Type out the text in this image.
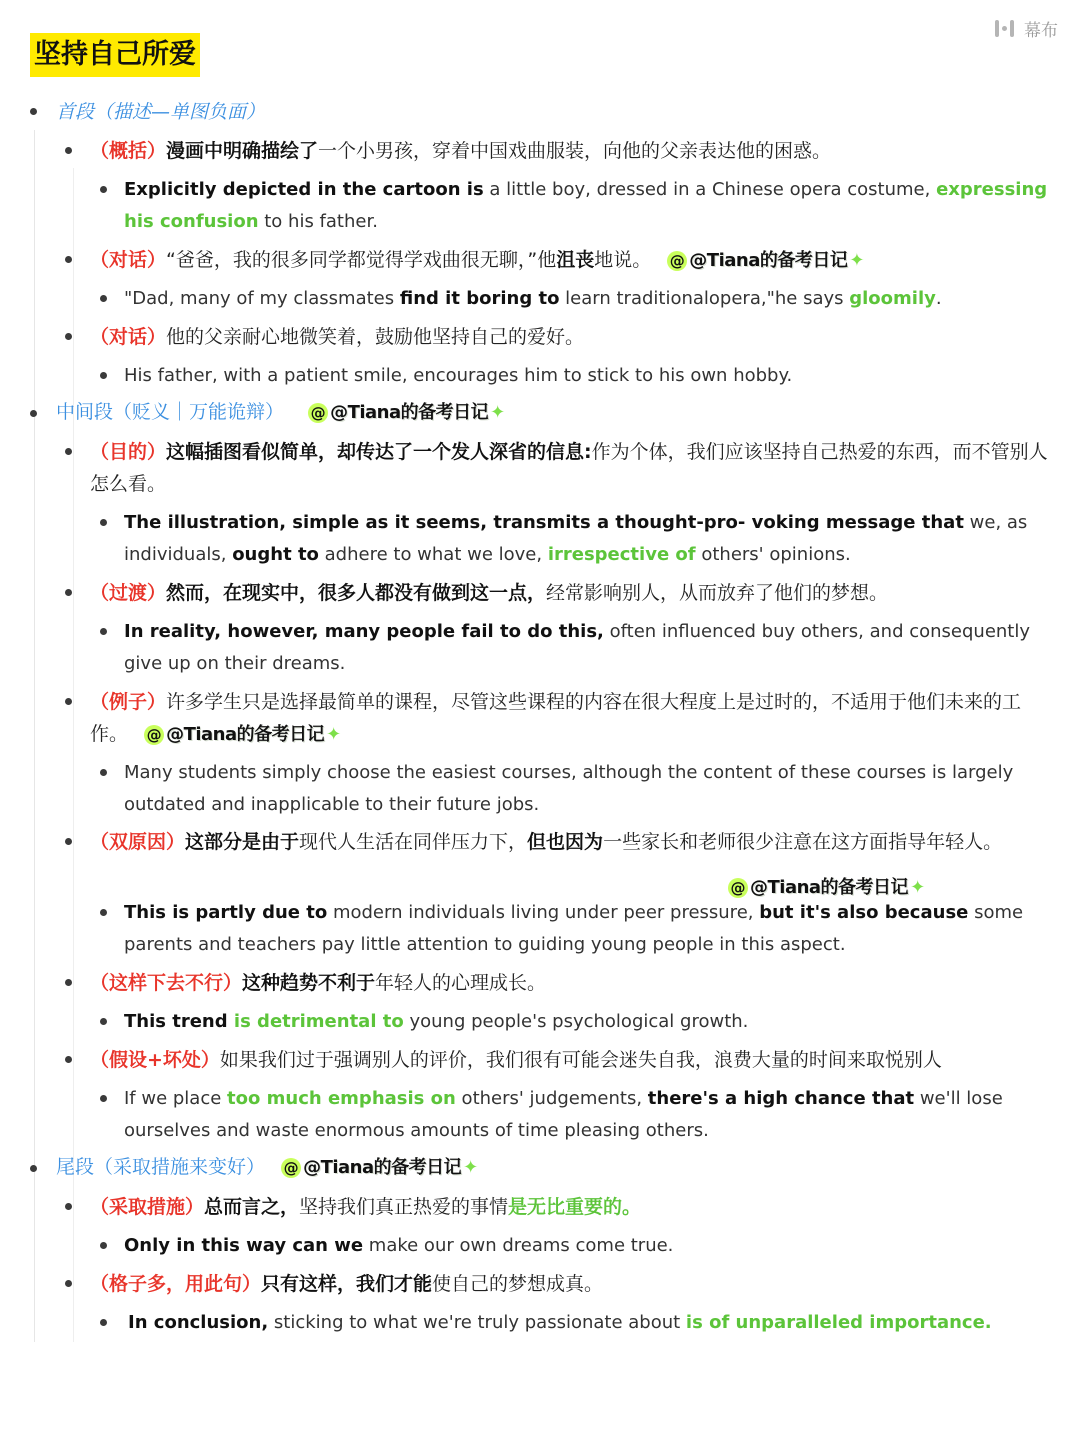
幕布
坚持自己所爱
首段（描述—单图负面）
（概括）漫画中明确描绘了一个小男孩，穿着中国戏曲服装，向他的父亲表达他的困惑。
Explicitly depicted in the cartoon is a little boy, dressed in a Chinese opera costume, expressing his confusion to his father.
（对话）“爸爸，我的很多同学都觉得学戏曲很无聊，”他沮丧地说。 @ @Tiana的备考日记 ✦
"Dad, many of my classmates find it boring to learn traditionalopera,"he says gloomily.
（对话）他的父亲耐心地微笑着，鼓励他坚持自己的爱好。
His father, with a patient smile, encourages him to stick to his own hobby.
中间段（贬义｜万能诡辩） @ @Tiana的备考日记 ✦
（目的）这幅插图看似简单，却传达了一个发人深省的信息:作为个体，我们应该坚持自己热爱的东西，而不管别人怎么看。
The illustration, simple as it seems, transmits a thought-pro- voking message that we, as individuals, ought to adhere to what we love, irrespective of others' opinions.
（过渡）然而，在现实中，很多人都没有做到这一点，经常影响别人，从而放弃了他们的梦想。
In reality, however, many people fail to do this, often influenced buy others, and consequently give up on their dreams.
（例子）许多学生只是选择最简单的课程，尽管这些课程的内容在很大程度上是过时的，不适用于他们未来的工作。 @ @Tiana的备考日记 ✦
Many students simply choose the easiest courses, although the content of these courses is largely outdated and inapplicable to their future jobs.
（双原因）这部分是由于现代人生活在同伴压力下，但也因为一些家长和老师很少注意在这方面指导年轻人。
@ @Tiana的备考日记 ✦
This is partly due to modern individuals living under peer pressure, but it's also because some parents and teachers pay little attention to guiding young people in this aspect.
（这样下去不行）这种趋势不利于年轻人的心理成长。
This trend is detrimental to young people's psychological growth.
（假设+坏处）如果我们过于强调别人的评价，我们很有可能会迷失自我，浪费大量的时间来取悦别人
If we place too much emphasis on others' judgements, there's a high chance that we'll lose ourselves and waste enormous amounts of time pleasing others.
尾段（采取措施来变好） @ @Tiana的备考日记 ✦
（采取措施）总而言之，坚持我们真正热爱的事情是无比重要的。
Only in this way can we make our own dreams come true.
（格子多，用此句）只有这样，我们才能使自己的梦想成真。
In conclusion, sticking to what we're truly passionate about is of unparalleled importance.
